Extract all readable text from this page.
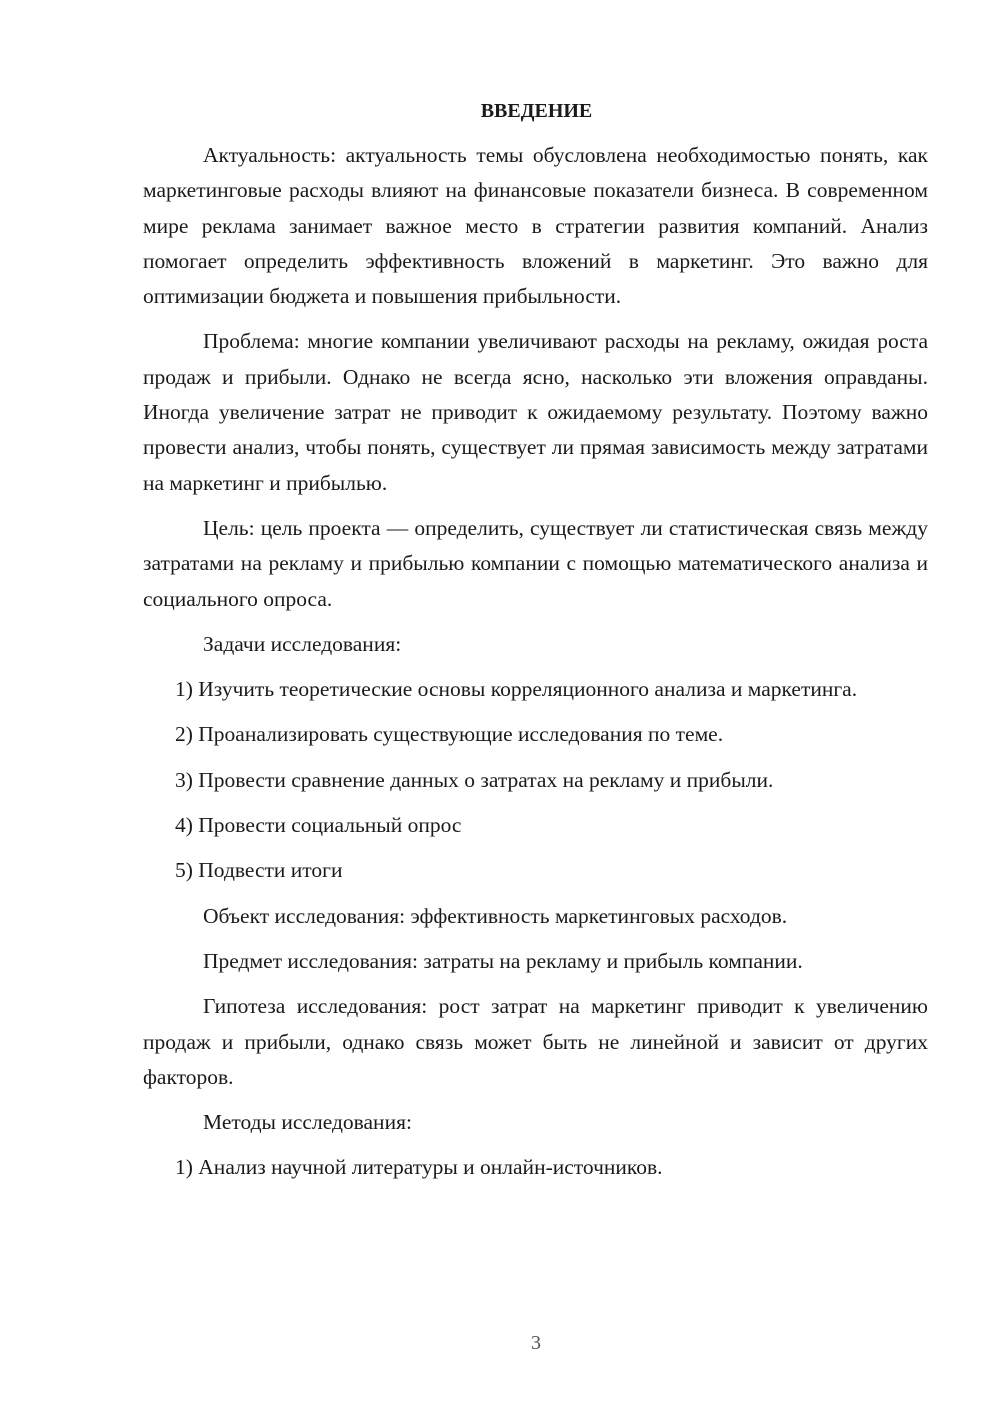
ВВЕДЕНИЕ

Актуальность: актуальность темы обусловлена необходимостью понять, как маркетинговые расходы влияют на финансовые показатели бизнеса. В современном мире реклама занимает важное место в стратегии развития компаний. Анализ помогает определить эффективность вложений в маркетинг. Это важно для оптимизации бюджета и повышения прибыльности.

Проблема: многие компании увеличивают расходы на рекламу, ожидая роста продаж и прибыли. Однако не всегда ясно, насколько эти вложения оправданы. Иногда увеличение затрат не приводит к ожидаемому результату. Поэтому важно провести анализ, чтобы понять, существует ли прямая зависимость между затратами на маркетинг и прибылью.

Цель: цель проекта — определить, существует ли статистическая связь между затратами на рекламу и прибылью компании с помощью математического анализа и социального опроса.

Задачи исследования:

1) Изучить теоретические основы корреляционного анализа и маркетинга.

2) Проанализировать существующие исследования по теме.

3) Провести сравнение данных о затратах на рекламу и прибыли.

4) Провести социальный опрос

5) Подвести итоги

Объект исследования: эффективность маркетинговых расходов.

Предмет исследования: затраты на рекламу и прибыль компании.

Гипотеза исследования: рост затрат на маркетинг приводит к увеличению продаж и прибыли, однако связь может быть не линейной и зависит от других факторов.

Методы исследования:

1) Анализ научной литературы и онлайн-источников.

3
